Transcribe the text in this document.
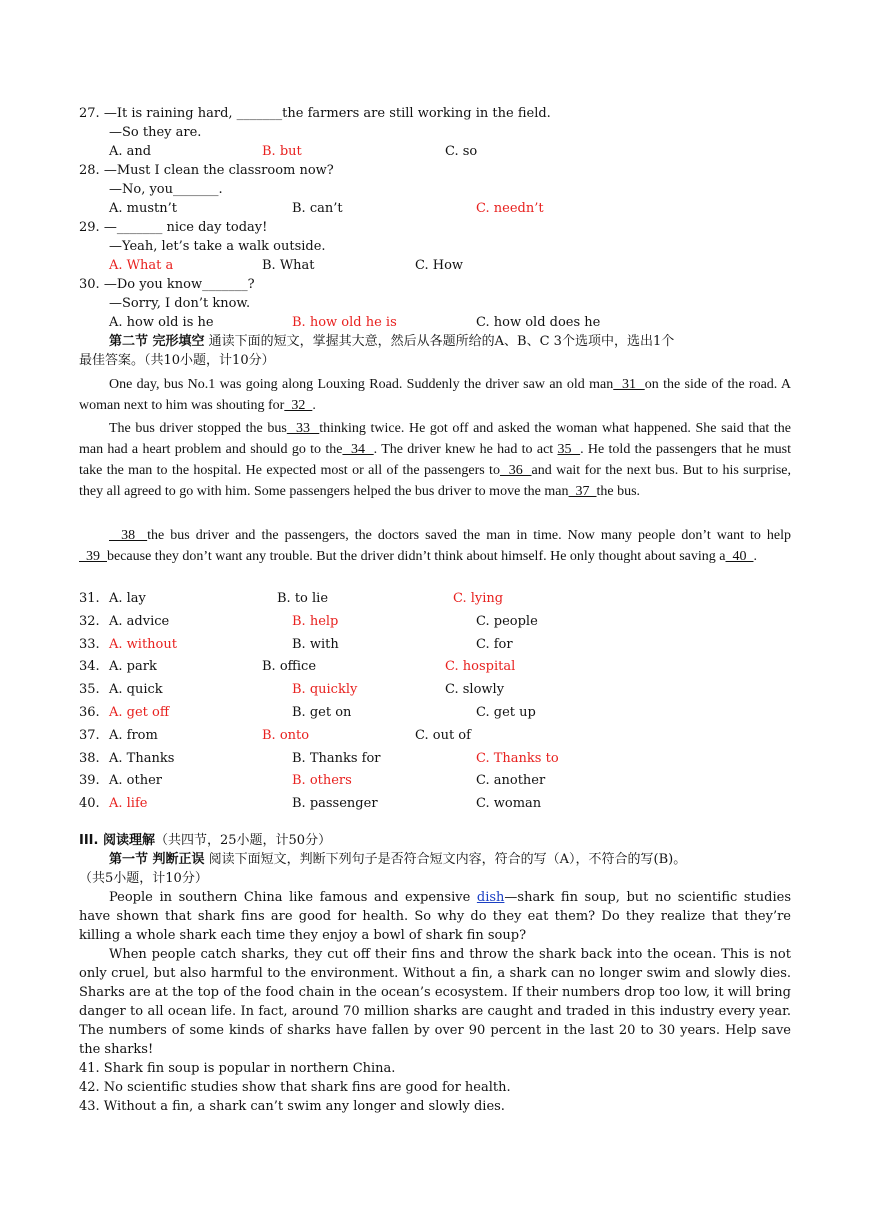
27. —It is raining hard, _______the farmers are still working in the field.
—So they are.
A. and	B. but	C. so
28. —Must I clean the classroom now?
—No, you_______.
A. mustn’t	B. can’t	C. needn’t
29. —_______ nice day today!
—Yeah, let’s take a walk outside.
A. What a	B. What	C. How
30. —Do you know_______?
—Sorry, I don’t know.
A. how old is he	B. how old he is	C. how old does he
第二节 完形填空 通读下面的短文，掌握其大意，然后从各题所给的A、B、C 3个选项中，选出1个
最佳答案。（共10小题，计10分）
One day, bus No.1 was going along Louxing Road. Suddenly the driver saw an old man  31  on the side of the road. A woman next to him was shouting for  32  .
The bus driver stopped the bus  33  thinking twice. He got off and asked the woman what happened. She said that the man had a heart problem and should go to the  34  . The driver knew he had to act 35  . He told the passengers that he must take the man to the hospital. He expected most or all of the passengers to  36  and wait for the next bus. But to his surprise, they all agreed to go with him. Some passengers helped the bus driver to move the man  37  the bus.
38  the bus driver and the passengers, the doctors saved the man in time. Now many people don’t want to help  39  because they don’t want any trouble. But the driver didn’t think about himself. He only thought about saving a  40  .
31. A. lay	B. to lie	C. lying
32. A. advice	B. help	C. people
33. A. without	B. with	C. for
34. A. park	B. office	C. hospital
35. A. quick	B. quickly	C. slowly
36. A. get off	B. get on	C. get up
37. A. from	B. onto	C. out of
38. A. Thanks	B. Thanks for	C. Thanks to
39. A. other	B. others	C. another
40. A. life	B. passenger	C. woman
III. 阅读理解（共四节，25小题，计50分）
第一节 判断正误 阅读下面短文，判断下列句子是否符合短文内容，符合的写（A），不符合的写(B)。
（共5小题，计10分）
People in southern China like famous and expensive dish—shark fin soup, but no scientific studies have shown that shark fins are good for health. So why do they eat them? Do they realize that they’re killing a whole shark each time they enjoy a bowl of shark fin soup?
When people catch sharks, they cut off their fins and throw the shark back into the ocean. This is not only cruel, but also harmful to the environment. Without a fin, a shark can no longer swim and slowly dies. Sharks are at the top of the food chain in the ocean’s ecosystem. If their numbers drop too low, it will bring danger to all ocean life. In fact, around 70 million sharks are caught and traded in this industry every year. The numbers of some kinds of sharks have fallen by over 90 percent in the last 20 to 30 years. Help save the sharks!
41. Shark fin soup is popular in northern China.
42. No scientific studies show that shark fins are good for health.
43. Without a fin, a shark can’t swim any longer and slowly dies.
